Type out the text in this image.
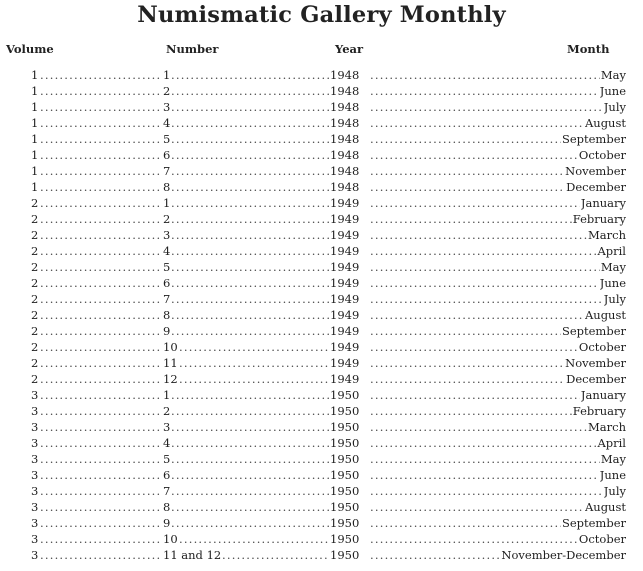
Numismatic Gallery Monthly
Volume	Number	Year	Month
1 .....	1 .....	1948 .....	May
1 .....	2 .....	1948 .....	June
1 .....	3 .....	1948 .....	July
1 .....	4 .....	1948 .....	August
1 .....	5 .....	1948 .....	September
1 .....	6 .....	1948 .....	October
1 .....	7 .....	1948 .....	November
1 .....	8 .....	1948 .....	December
2 .....	1 .....	1949 .....	January
2 .....	2 .....	1949 .....	February
2 .....	3 .....	1949 .....	March
2 .....	4 .....	1949 .....	April
2 .....	5 .....	1949 .....	May
2 .....	6 .....	1949 .....	June
2 .....	7 .....	1949 .....	July
2 .....	8 .....	1949 .....	August
2 .....	9 .....	1949 .....	September
2 .....	10 .....	1949 .....	October
2 .....	11 .....	1949 .....	November
2 .....	12 .....	1949 .....	December
3 .....	1 .....	1950 .....	January
3 .....	2 .....	1950 .....	February
3 .....	3 .....	1950 .....	March
3 .....	4 .....	1950 .....	April
3 .....	5 .....	1950 .....	May
3 .....	6 .....	1950 .....	June
3 .....	7 .....	1950 .....	July
3 .....	8 .....	1950 .....	August
3 .....	9 .....	1950 .....	September
3 .....	10 .....	1950 .....	October
3 .....	11 and 12 .....	1950 .....	November-December
